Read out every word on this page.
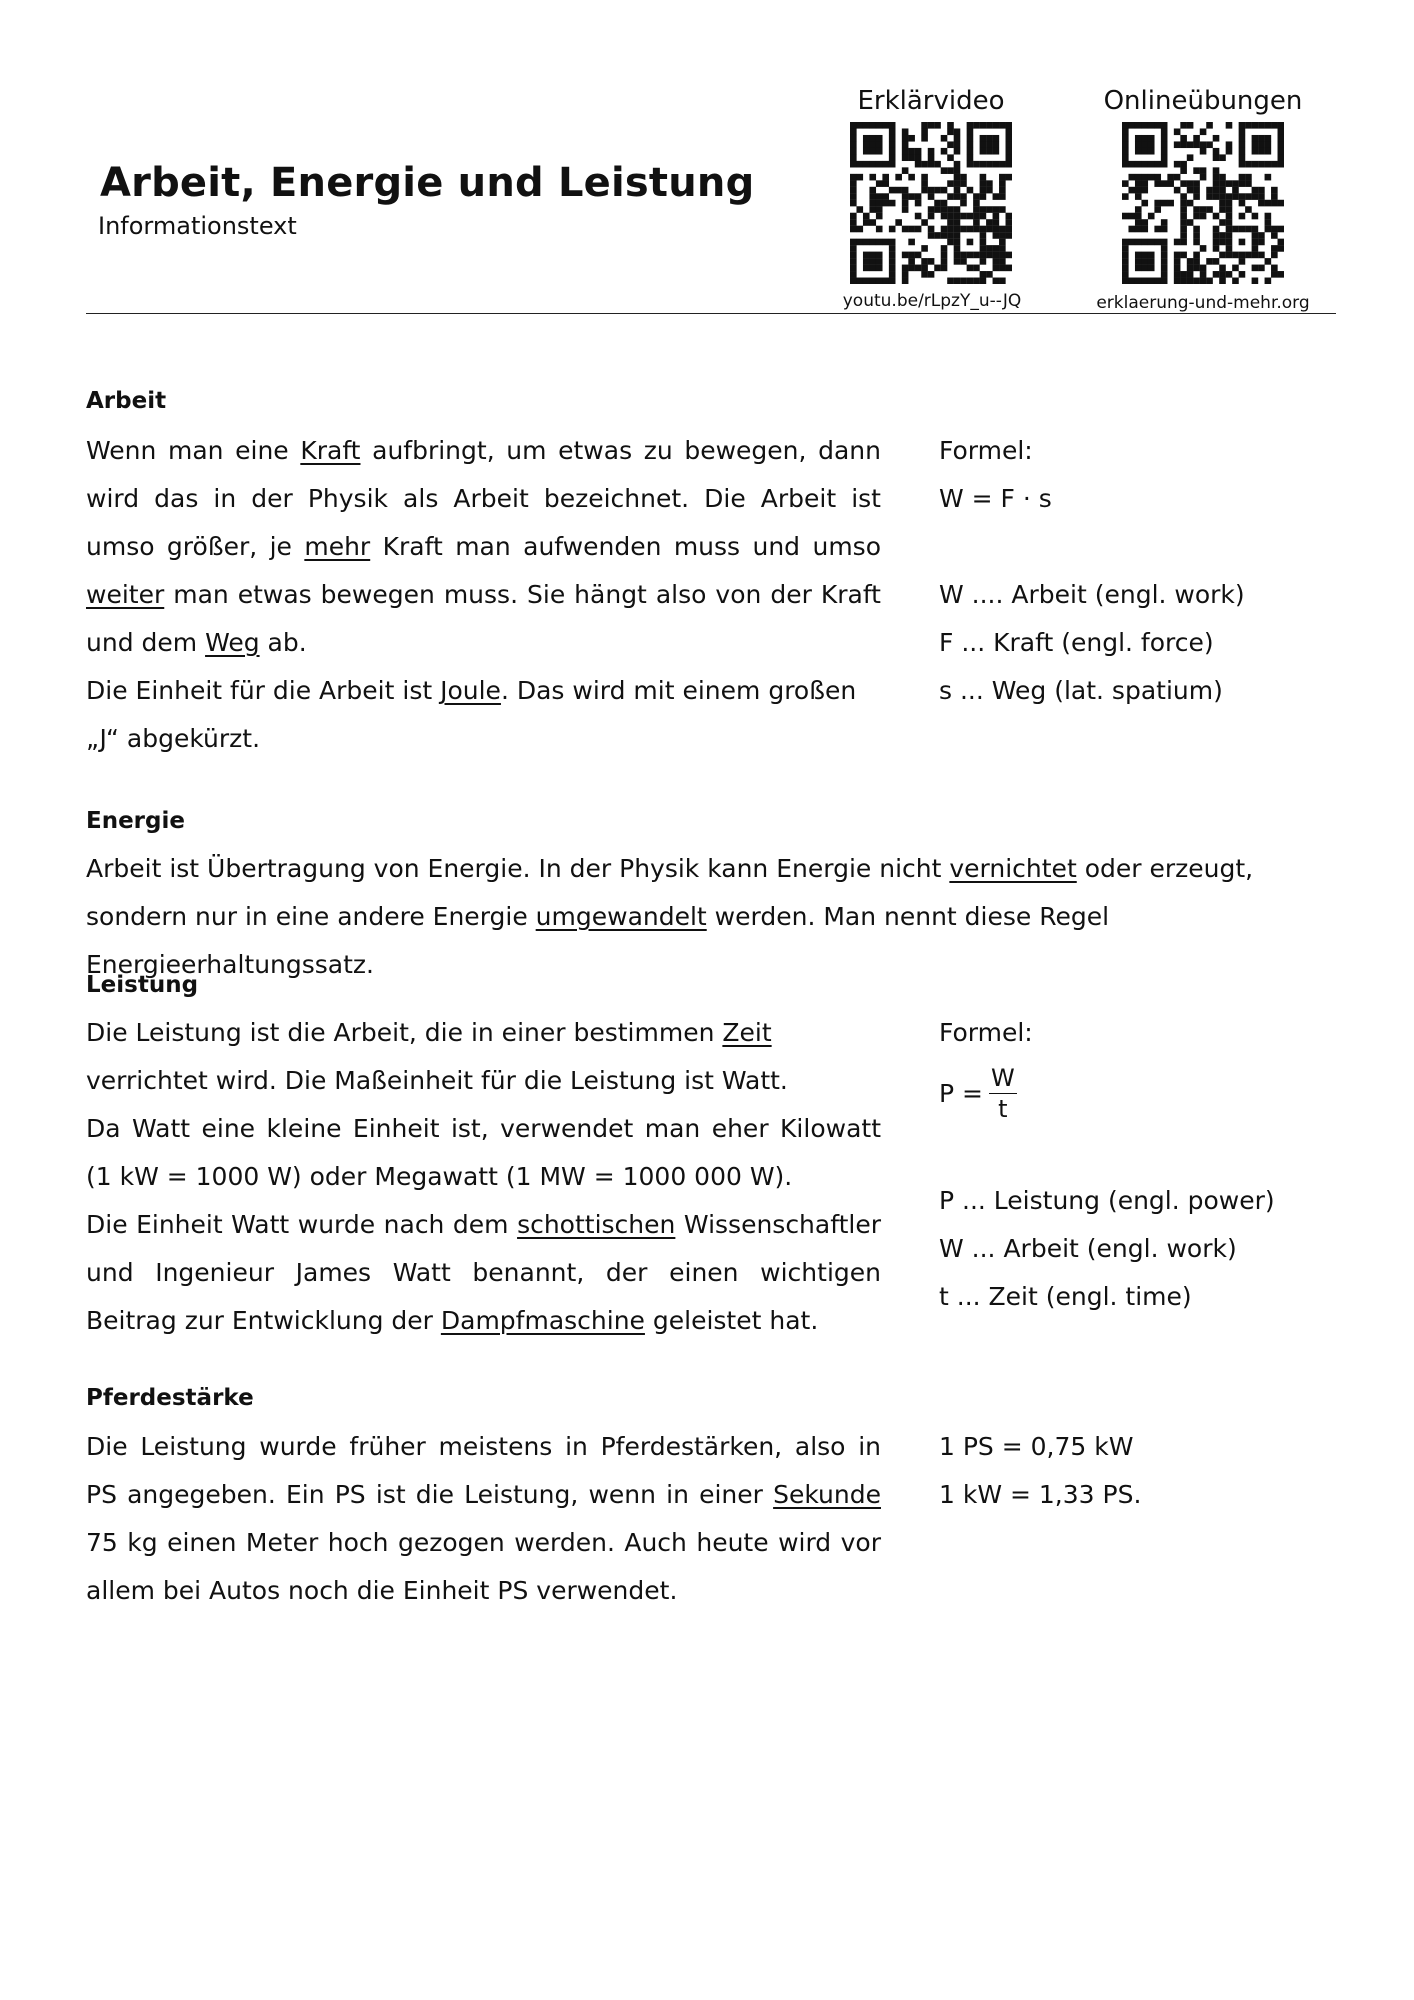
Arbeit, Energie und Leistung
Informationstext
Erklärvideo
youtu.be/rLpzY_u--JQ
Onlineübungen
erklaerung-und-mehr.org
Arbeit

Wenn man eine Kraft aufbringt, um etwas zu bewegen, dann wird das in der Physik als Arbeit bezeichnet. Die Arbeit ist umso größer, je mehr Kraft man aufwenden muss und umso weiter man etwas bewegen muss. Sie hängt also von der Kraft und dem Weg ab.

Die Einheit für die Arbeit ist Joule. Das wird mit einem großen „J“ abgekürzt.

Formel:

W = F · s

W .... Arbeit (engl. work)

F ... Kraft (engl. force)

s ... Weg (lat. spatium)

Energie

Arbeit ist Übertragung von Energie. In der Physik kann Energie nicht vernichtet oder erzeugt, sondern nur in eine andere Energie umgewandelt werden. Man nennt diese Regel Energieerhaltungssatz.

Leistung

Die Leistung ist die Arbeit, die in einer bestimmen Zeit verrichtet wird. Die Maßeinheit für die Leistung ist Watt.

Da Watt eine kleine Einheit ist, verwendet man eher Kilowatt (1 kW = 1000 W) oder Megawatt (1 MW = 1000 000 W).

Die Einheit Watt wurde nach dem schottischen Wissenschaftler und Ingenieur James Watt benannt, der einen wichtigen Beitrag zur Entwicklung der Dampfmaschine geleistet hat.

Formel:

$P = \frac{W}{t}$

P ... Leistung (engl. power)

W ... Arbeit (engl. work)

t ... Zeit (engl. time)

Pferdestärke

Die Leistung wurde früher meistens in Pferdestärken, also in PS angegeben. Ein PS ist die Leistung, wenn in einer Sekunde 75 kg einen Meter hoch gezogen werden. Auch heute wird vor allem bei Autos noch die Einheit PS verwendet.

1 PS = 0,75 kW

1 kW = 1,33 PS.
